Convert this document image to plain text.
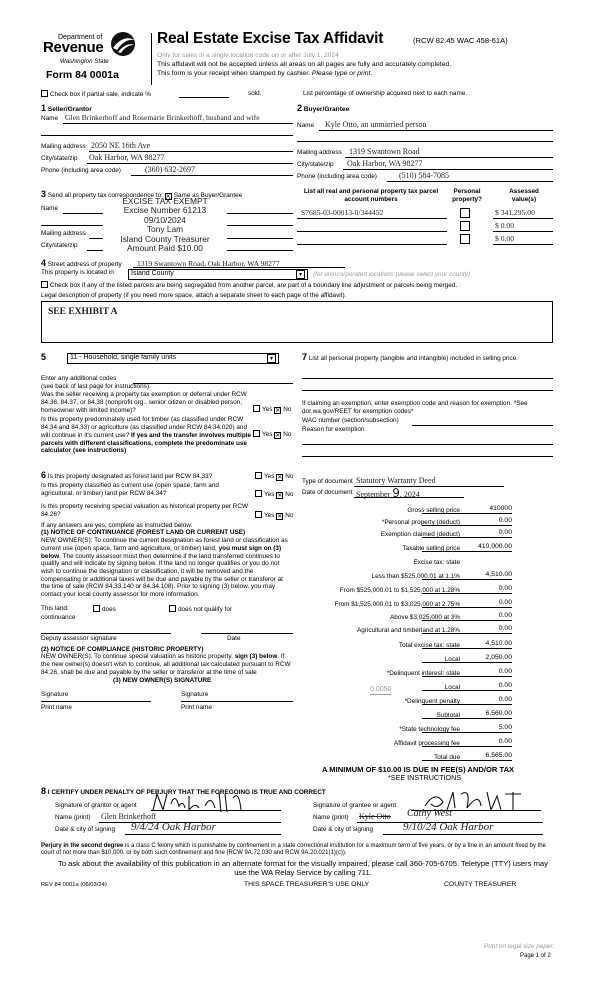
Department of
Revenue
Washington State
Form 84 0001a
Real Estate Excise Tax Affidavit	(RCW 82.45 WAC 458-61A)
Only for sales in a single location code on or after July 1, 2024
This affidavit will not be accepted unless all areas on all pages are fully and accurately completed.
This form is your receipt when stamped by cashier. Please type or print.
Check box if partial sale, indicate %	sold.	List percentage of ownership acquired next to each name.
1 Seller/Grantor
Name Glen Brinkerhoff and Rosemarie Brinkerhoff, husband and wife
Mailing address 2050 NE 16th Ave
City/state/zip Oak Harbor, WA 98277
Phone (including area code)	(360) 632-2697
2 Buyer/Grantee
Name Kyle Otto, an unmarried person
Mailing address 1319 Swantown Road
City/state/zip Oak Harbor, WA 98277
Phone (including area code)	(510) 584-7085
3 Send all property tax correspondence to: ✕ Same as Buyer/Grantee
Name
Mailing address
City/state/zip
EXCISE TAX EXEMPT
Excise Number 61213
09/10/2024
Tony Lam
Island County Treasurer
Amount Paid $10.00
List all real and personal property tax parcel account numbers
Personal property?
Assessed value(s)
S7685-03-00013-0/344452	$ 341,295.00
$ 0.00
$ 0.00
4 Street address of property 1319 Swantown Road, Oak Harbor, WA 98277
This property is located in Island County	▼	(for unincorporated locations please select your county)
Check box if any of the listed parcels are being segregated from another parcel, are part of a boundary line adjustment or parcels being merged.
Legal description of property (if you need more space, attach a separate sheet to each page of the affidavit).
SEE EXHIBIT A
5	11 - Household, single family units	▼
Enter any additional codes
(see back of last page for instructions)
Was the seller receiving a property tax exemption or deferral under RCW 84.36, 84.37, or 84.38 (nonprofit org., senior citizen or disabled person, homeowner with limited income)?	Yes ✕ No
Is this property predominately used for timber (as classified under RCW 84.34 and 84.33) or agriculture (as classified under RCW 84.34.020) and will continue in it's current use? If yes and the transfer involves multiple parcels with different classifications, complete the predominate use calculator (see instructions)
Yes ✕ No
6 Is this property designated as forest land per RCW 84.33?	Yes ✕ No
Is this property classified as current use (open space, farm and agricultural, or timber) land per RCW 84.34?	Yes ✕ No
Is this property receiving special valuation as historical property per RCW 84.26?	Yes ✕ No
If any answers are yes, complete as instructed below.
(1) NOTICE OF CONTINUANCE (FOREST LAND OR CURRENT USE)
NEW OWNER(S): To continue the current designation as forest land or classification as current use (open space, farm and agriculture, or timber) land, you must sign on (3) below. The county assessor must then determine if the land transferred continues to qualify and will indicate by signing below. If the land no longer qualifies or you do not wish to continue the designation or classification, it will be removed and the compensating or additional taxes will be due and payable by the seller or transferor at the time of sale (RCW 84.33.140 or 84.34.108). Prior to signing (3) below, you may contact your local county assessor for more information.
This land:	does	does not qualify for
continuance
Deputy assessor signature	Date
(2) NOTICE OF COMPLIANCE (HISTORIC PROPERTY)
NEW OWNER(S): To continue special valuation as historic property, sign (3) below. If the new owner(s) doesn't wish to continue, all additional tax calculated pursuant to RCW 84.26, shall be due and payable by the seller or transferor at the time of sale
(3) NEW OWNER(S) SIGNATURE
Signature	Signature
Print name	Print name
7 List all personal property (tangible and intangible) included in selling price.
If claiming an exemption, enter exemption code and reason for exemption. *See dor.wa.gov/REET for exemption codes*
WAC number (section/subsection)
Reason for exemption
Type of document Statutory Warranty Deed
Date of document September 9, 2024
Gross selling price	410000
*Personal property (deduct)	0.00
Exemption claimed (deduct)	0.00
Taxable selling price	410,000.00
Excise tax: state
Less than $525,000.01 at 1.1%	4,510.00
From $525,000.01 to $1,525,000 at 1.28%	0.00
From $1,525,000.01 to $3,025,000 at 2.75%	0.00
Above $3,025,000 at 3%	0.00
Agricultural and timberland at 1.28%	0.00
Total excise tax: state	4,510.00
Local	2,050.00
*Delinquent interest: state	0.00
Local	0.00
*Delinquent penalty	0.00
Subtotal	6,560.00
*State technology fee	5.00
Affidavit processing fee	0.00
Total due	6,565.00
0.0050
A MINIMUM OF $10.00 IS DUE IN FEE(S) AND/OR TAX
*SEE INSTRUCTIONS
8 I CERTIFY UNDER PENALTY OF PERJURY THAT THE FOREGOING IS TRUE AND CORRECT
Signature of grantor or agent
Name (print) Glen Brinkerhoff
Date & city of signing 9/4/24 Oak Harbor
Signature of grantee or agent
Name (print) Kyle Otto Cathy West
Date & city of signing	9/10/24 Oak Harbor
Perjury in the second degree is a class C felony which is punishable by confinement in a state correctional institution for a maximum term of five years, or by a fine in an amount fixed by the court of not more than $10,000, or by both such confinement and fine (RCW 9A.72.030 and RCW 9A.20.021(1)(c)).
To ask about the availability of this publication in an alternate format for the visually impaired, please call 360-705-6705. Teletype (TTY) users may use the WA Relay Service by calling 711.
REV 84 0001a (06/03/24)	THIS SPACE TREASURER'S USE ONLY	COUNTY TREASURER
Print on legal size paper.
Page 1 of 2
